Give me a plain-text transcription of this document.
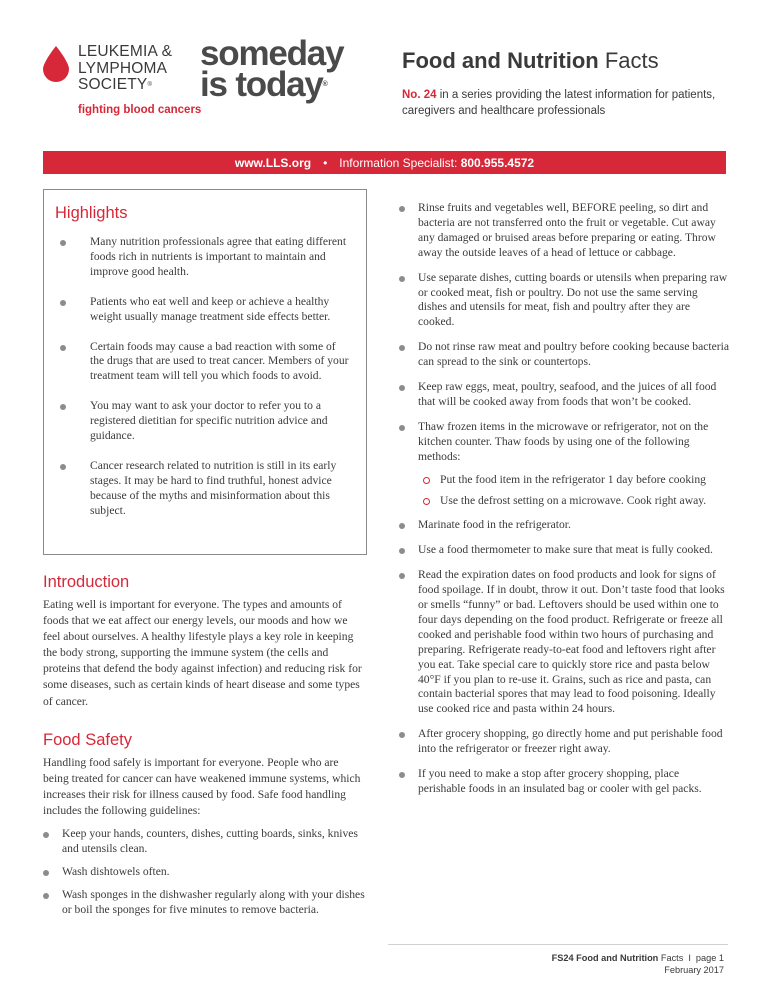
LEUKEMIA &
LYMPHOMA
SOCIETY®
fighting blood cancers
someday
is today®
Food and Nutrition Facts
No. 24 in a series providing the latest information for patients, caregivers and healthcare professionals
www.LLS.org • Information Specialist:
800.955.4572
Highlights
Many nutrition professionals agree that eating different foods rich in nutrients is important to maintain and improve good health.
Patients who eat well and keep or achieve a healthy weight usually manage treatment side effects better.
Certain foods may cause a bad reaction with some of the drugs that are used to treat cancer. Members of your treatment team will tell you which foods to avoid.
You may want to ask your doctor to refer you to a registered dietitian for specific nutrition advice and guidance.
Cancer research related to nutrition is still in its early stages. It may be hard to find truthful, honest advice because of the myths and misinformation about this subject.
Introduction

Eating well is important for everyone. The types and amounts of foods that we eat affect our energy levels, our moods and how we feel about ourselves. A healthy lifestyle plays a key role in keeping the body strong, supporting the immune system (the cells and proteins that defend the body against infection) and reducing risk for some diseases, such as certain kinds of heart disease and some types of cancer.

Food Safety

Handling food safely is important for everyone. People who are being treated for cancer can have weakened immune systems, which increases their risk for illness caused by food. Safe food handling includes the following guidelines:

Keep your hands, counters, dishes, cutting boards, sinks, knives and utensils clean.
Wash dishtowels often.
Wash sponges in the dishwasher regularly along with your dishes or boil the sponges for five minutes to remove bacteria.
Rinse fruits and vegetables well, BEFORE peeling, so dirt and bacteria are not transferred onto the fruit or vegetable. Cut away any damaged or bruised areas before preparing or eating. Throw away the outside leaves of a head of lettuce or cabbage.
Use separate dishes, cutting boards or utensils when preparing raw or cooked meat, fish or poultry. Do not use the same serving dishes and utensils for meat, fish and poultry after they are cooked.
Do not rinse raw meat and poultry before cooking because bacteria can spread to the sink or countertops.
Keep raw eggs, meat, poultry, seafood, and the juices of all food that will be cooked away from foods that won’t be cooked.
Thaw frozen items in the microwave or refrigerator, not on the kitchen counter. Thaw foods by using one of the following methods:
Put the food item in the refrigerator 1 day before cooking
Use the defrost setting on a microwave. Cook right away.
Marinate food in the refrigerator.
Use a food thermometer to make sure that meat is fully cooked.
Read the expiration dates on food products and look for signs of food spoilage. If in doubt, throw it out. Don’t taste food that looks or smells “funny” or bad. Leftovers should be used within one to four days depending on the food product. Refrigerate or freeze all cooked and perishable food within two hours of purchasing and preparing. Refrigerate ready-to-eat food and leftovers right after you eat. Take special care to quickly store rice and pasta below 40°F if you plan to re-use it. Grains, such as rice and pasta, can contain bacterial spores that may lead to food poisoning. Ideally use cooked rice and pasta within 24 hours.
After grocery shopping, go directly home and put perishable food into the refrigerator or freezer right away.
If you need to make a stop after grocery shopping, place perishable foods in an insulated bag or cooler with gel packs.
FS24 Food and Nutrition Facts I page 1
February 2017
